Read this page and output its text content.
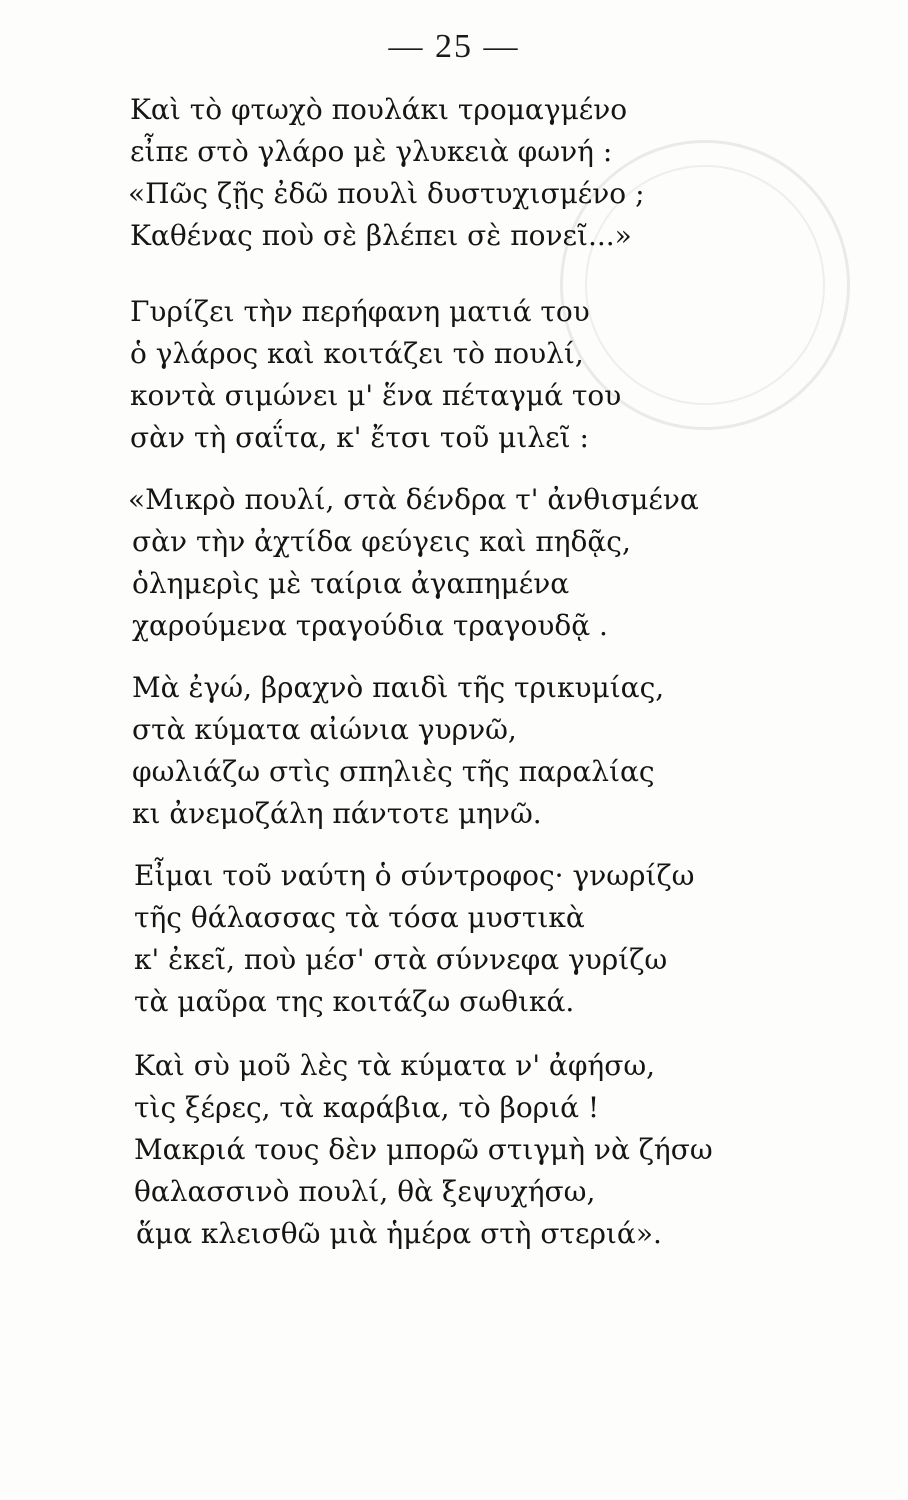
— 25 —
Καὶ τὸ φτωχὸ πουλάκι τρομαγμένο
εἶπε στὸ γλάρο μὲ γλυκειὰ φωνή :
«Πῶς ζῇς ἐδῶ πουλὶ δυστυχισμένο ;
Καθένας ποὺ σὲ βλέπει σὲ πονεῖ...»
Γυρίζει τὴν περήφανη ματιά του
ὁ γλάρος καὶ κοιτάζει τὸ πουλί,
κοντὰ σιμώνει μ' ἕνα πέταγμά του
σὰν τὴ σαΐτα, κ' ἔτσι τοῦ μιλεῖ :
«Μικρὸ πουλί, στὰ δένδρα τ' ἀνθισμένα
σὰν τὴν ἀχτίδα φεύγεις καὶ πηδᾷς,
ὁλημερὶς μὲ ταίρια ἀγαπημένα
χαρούμενα τραγούδια τραγουδᾷ .
Μὰ ἐγώ, βραχνὸ παιδὶ τῆς τρικυμίας,
στὰ κύματα αἰώνια γυρνῶ,
φωλιάζω στὶς σπηλιὲς τῆς παραλίας
κι ἀνεμοζάλη πάντοτε μηνῶ.
Εἶμαι τοῦ ναύτη ὁ σύντροφος· γνωρίζω
τῆς θάλασσας τὰ τόσα μυστικὰ
κ' ἐκεῖ, ποὺ μέσ' στὰ σύννεφα γυρίζω
τὰ μαῦρα της κοιτάζω σωθικά.
Καὶ σὺ μοῦ λὲς τὰ κύματα ν' ἀφήσω,
τὶς ξέρες, τὰ καράβια, τὸ βοριά !
Μακριά τους δὲν μπορῶ στιγμὴ νὰ ζήσω
θαλασσινὸ πουλί, θὰ ξεψυχήσω,
ἅμα κλεισθῶ μιὰ ἡμέρα στὴ στεριά».
